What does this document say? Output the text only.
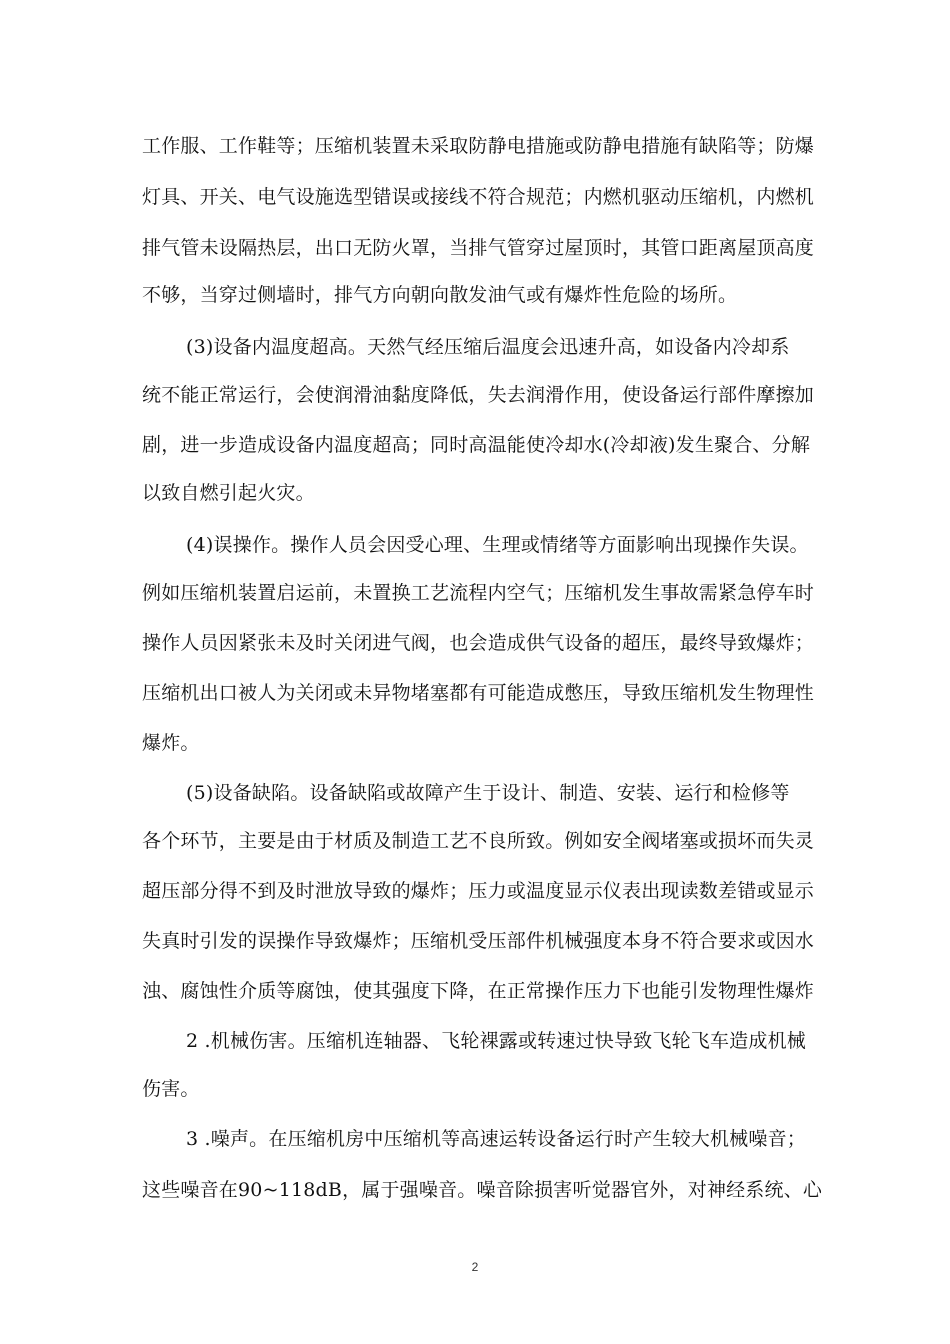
工作服、工作鞋等；压缩机装置未采取防静电措施或防静电措施有缺陷等；防爆
灯具、开关、电气设施选型错误或接线不符合规范；内燃机驱动压缩机，内燃机
排气管未设隔热层，出口无防火罩，当排气管穿过屋顶时，其管口距离屋顶高度
不够，当穿过侧墙时，排气方向朝向散发油气或有爆炸性危险的场所。
(3)设备内温度超高。天然气经压缩后温度会迅速升高，如设备内冷却系
统不能正常运行，会使润滑油黏度降低，失去润滑作用，使设备运行部件摩擦加
剧，进一步造成设备内温度超高；同时高温能使冷却水(冷却液)发生聚合、分解
以致自燃引起火灾。
(4)误操作。操作人员会因受心理、生理或情绪等方面影响出现操作失误。
例如压缩机装置启运前，未置换工艺流程内空气；压缩机发生事故需紧急停车时
操作人员因紧张未及时关闭进气阀，也会造成供气设备的超压，最终导致爆炸；
压缩机出口被人为关闭或未异物堵塞都有可能造成憋压，导致压缩机发生物理性
爆炸。
(5)设备缺陷。设备缺陷或故障产生于设计、制造、安装、运行和检修等
各个环节，主要是由于材质及制造工艺不良所致。例如安全阀堵塞或损坏而失灵
超压部分得不到及时泄放导致的爆炸；压力或温度显示仪表出现读数差错或显示
失真时引发的误操作导致爆炸；压缩机受压部件机械强度本身不符合要求或因水
浊、腐蚀性介质等腐蚀，使其强度下降，在正常操作压力下也能引发物理性爆炸
2 .机械伤害。压缩机连轴器、飞轮裸露或转速过快导致飞轮飞车造成机械
伤害。
3 .噪声。在压缩机房中压缩机等高速运转设备运行时产生较大机械噪音；
这些噪音在90~118dB，属于强噪音。噪音除损害听觉器官外，对神经系统、心
2
